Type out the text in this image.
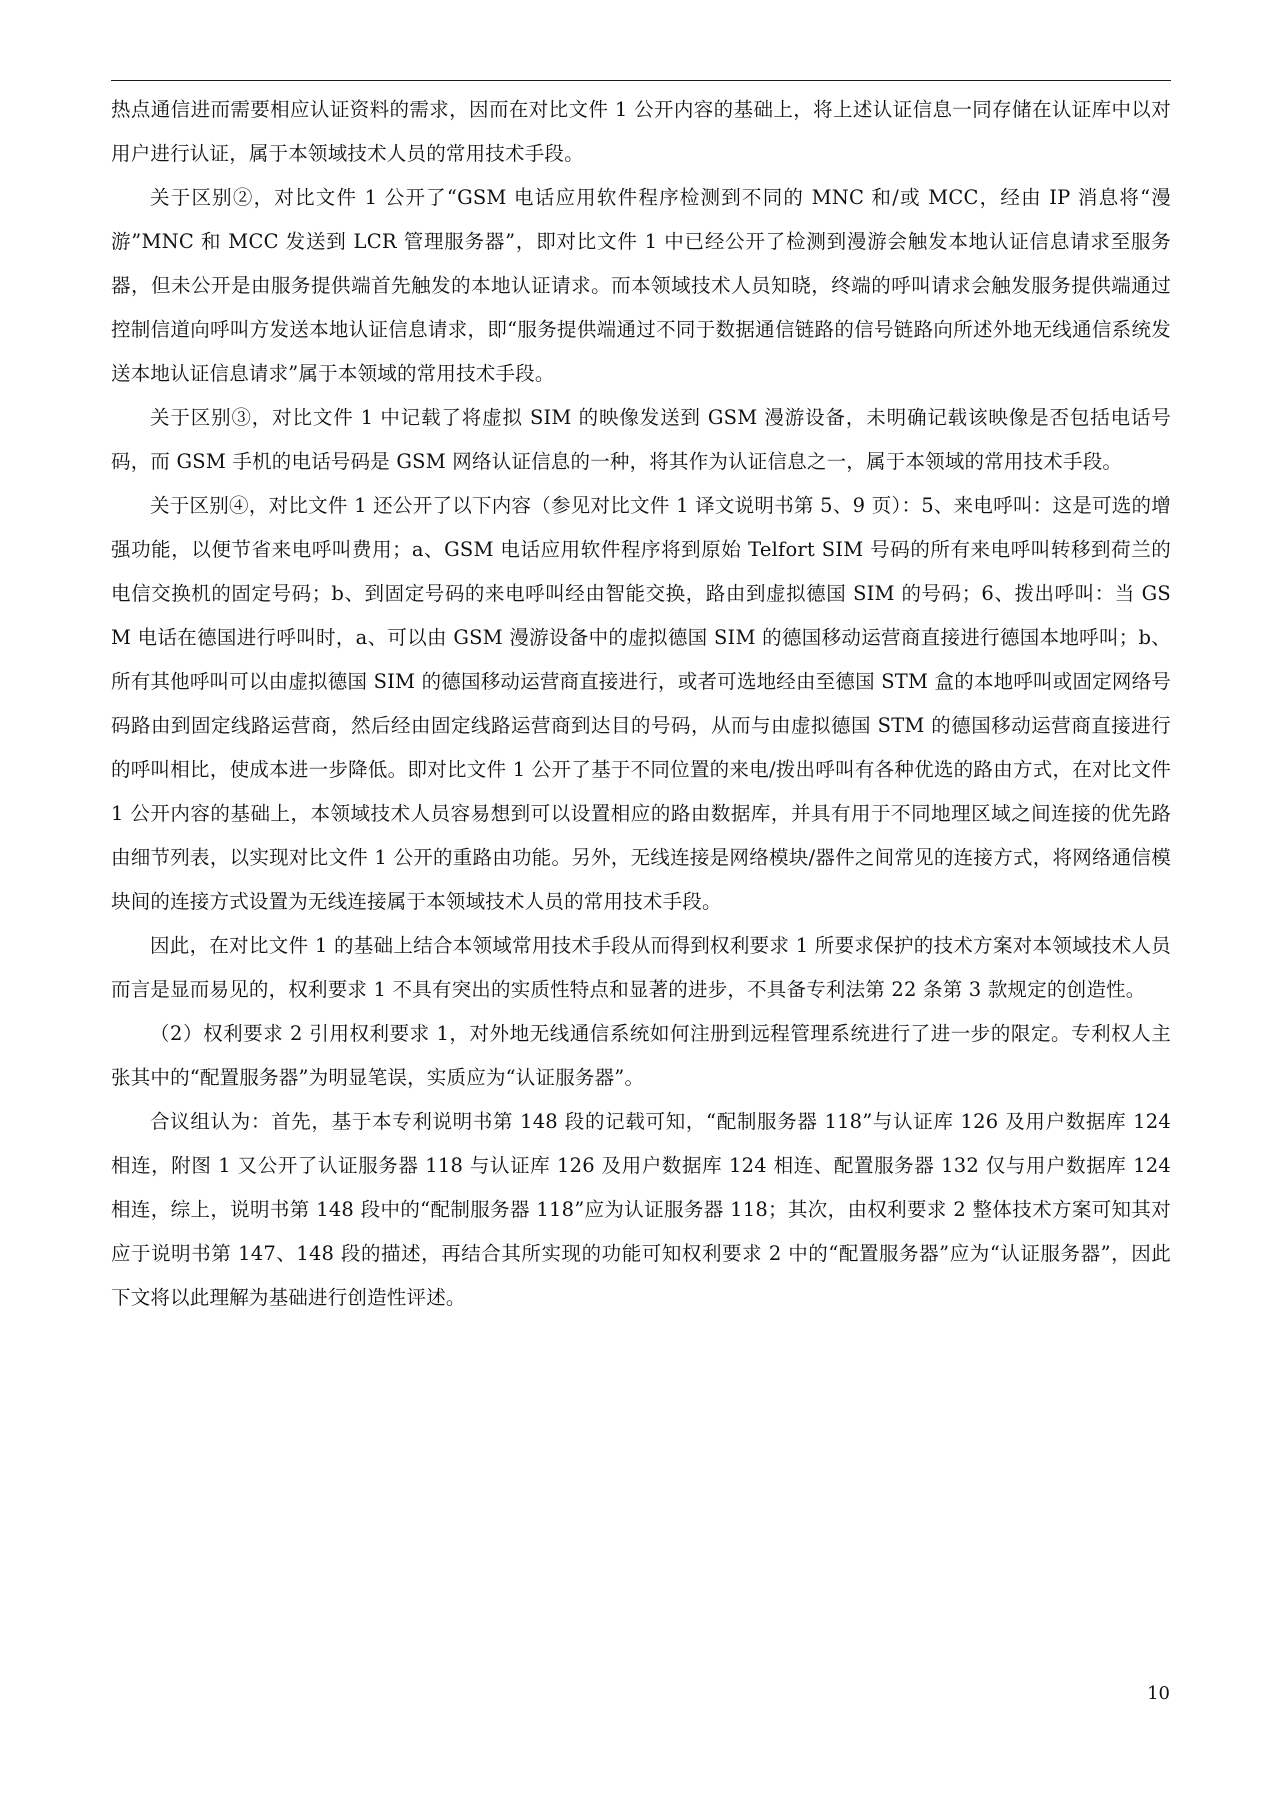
热点通信进而需要相应认证资料的需求，因而在对比文件 1 公开内容的基础上，将上述认证信息一同存储在认证库中以对用户进行认证，属于本领域技术人员的常用技术手段。

关于区别②，对比文件 1 公开了“GSM 电话应用软件程序检测到不同的 MNC 和/或 MCC，经由 IP 消息将“漫游”MNC 和 MCC 发送到 LCR 管理服务器”，即对比文件 1 中已经公开了检测到漫游会触发本地认证信息请求至服务器，但未公开是由服务提供端首先触发的本地认证请求。而本领域技术人员知晓，终端的呼叫请求会触发服务提供端通过控制信道向呼叫方发送本地认证信息请求，即“服务提供端通过不同于数据通信链路的信号链路向所述外地无线通信系统发送本地认证信息请求”属于本领域的常用技术手段。

关于区别③，对比文件 1 中记载了将虚拟 SIM 的映像发送到 GSM 漫游设备，未明确记载该映像是否包括电话号码，而 GSM 手机的电话号码是 GSM 网络认证信息的一种，将其作为认证信息之一，属于本领域的常用技术手段。

关于区别④，对比文件 1 还公开了以下内容（参见对比文件 1 译文说明书第 5、9 页）：5、来电呼叫：这是可选的增强功能，以便节省来电呼叫费用；a、GSM 电话应用软件程序将到原始 Telfort SIM 号码的所有来电呼叫转移到荷兰的电信交换机的固定号码；b、到固定号码的来电呼叫经由智能交换，路由到虚拟德国 SIM 的号码；6、拨出呼叫：当 GSM 电话在德国进行呼叫时，a、可以由 GSM 漫游设备中的虚拟德国 SIM 的德国移动运营商直接进行德国本地呼叫；b、所有其他呼叫可以由虚拟德国 SIM 的德国移动运营商直接进行，或者可选地经由至德国 STM 盒的本地呼叫或固定网络号码路由到固定线路运营商，然后经由固定线路运营商到达目的号码，从而与由虚拟德国 STM 的德国移动运营商直接进行的呼叫相比，使成本进一步降低。即对比文件 1 公开了基于不同位置的来电/拨出呼叫有各种优选的路由方式，在对比文件 1 公开内容的基础上，本领域技术人员容易想到可以设置相应的路由数据库，并具有用于不同地理区域之间连接的优先路由细节列表，以实现对比文件 1 公开的重路由功能。另外，无线连接是网络模块/器件之间常见的连接方式，将网络通信模块间的连接方式设置为无线连接属于本领域技术人员的常用技术手段。

因此，在对比文件 1 的基础上结合本领域常用技术手段从而得到权利要求 1 所要求保护的技术方案对本领域技术人员而言是显而易见的，权利要求 1 不具有突出的实质性特点和显著的进步，不具备专利法第 22 条第 3 款规定的创造性。

（2）权利要求 2 引用权利要求 1，对外地无线通信系统如何注册到远程管理系统进行了进一步的限定。专利权人主张其中的“配置服务器”为明显笔误，实质应为“认证服务器”。

合议组认为：首先，基于本专利说明书第 148 段的记载可知，“配制服务器 118”与认证库 126 及用户数据库 124 相连，附图 1 又公开了认证服务器 118 与认证库 126 及用户数据库 124 相连、配置服务器 132 仅与用户数据库 124 相连，综上，说明书第 148 段中的“配制服务器 118”应为认证服务器 118；其次，由权利要求 2 整体技术方案可知其对应于说明书第 147、148 段的描述，再结合其所实现的功能可知权利要求 2 中的“配置服务器”应为“认证服务器”，因此下文将以此理解为基础进行创造性评述。

10
